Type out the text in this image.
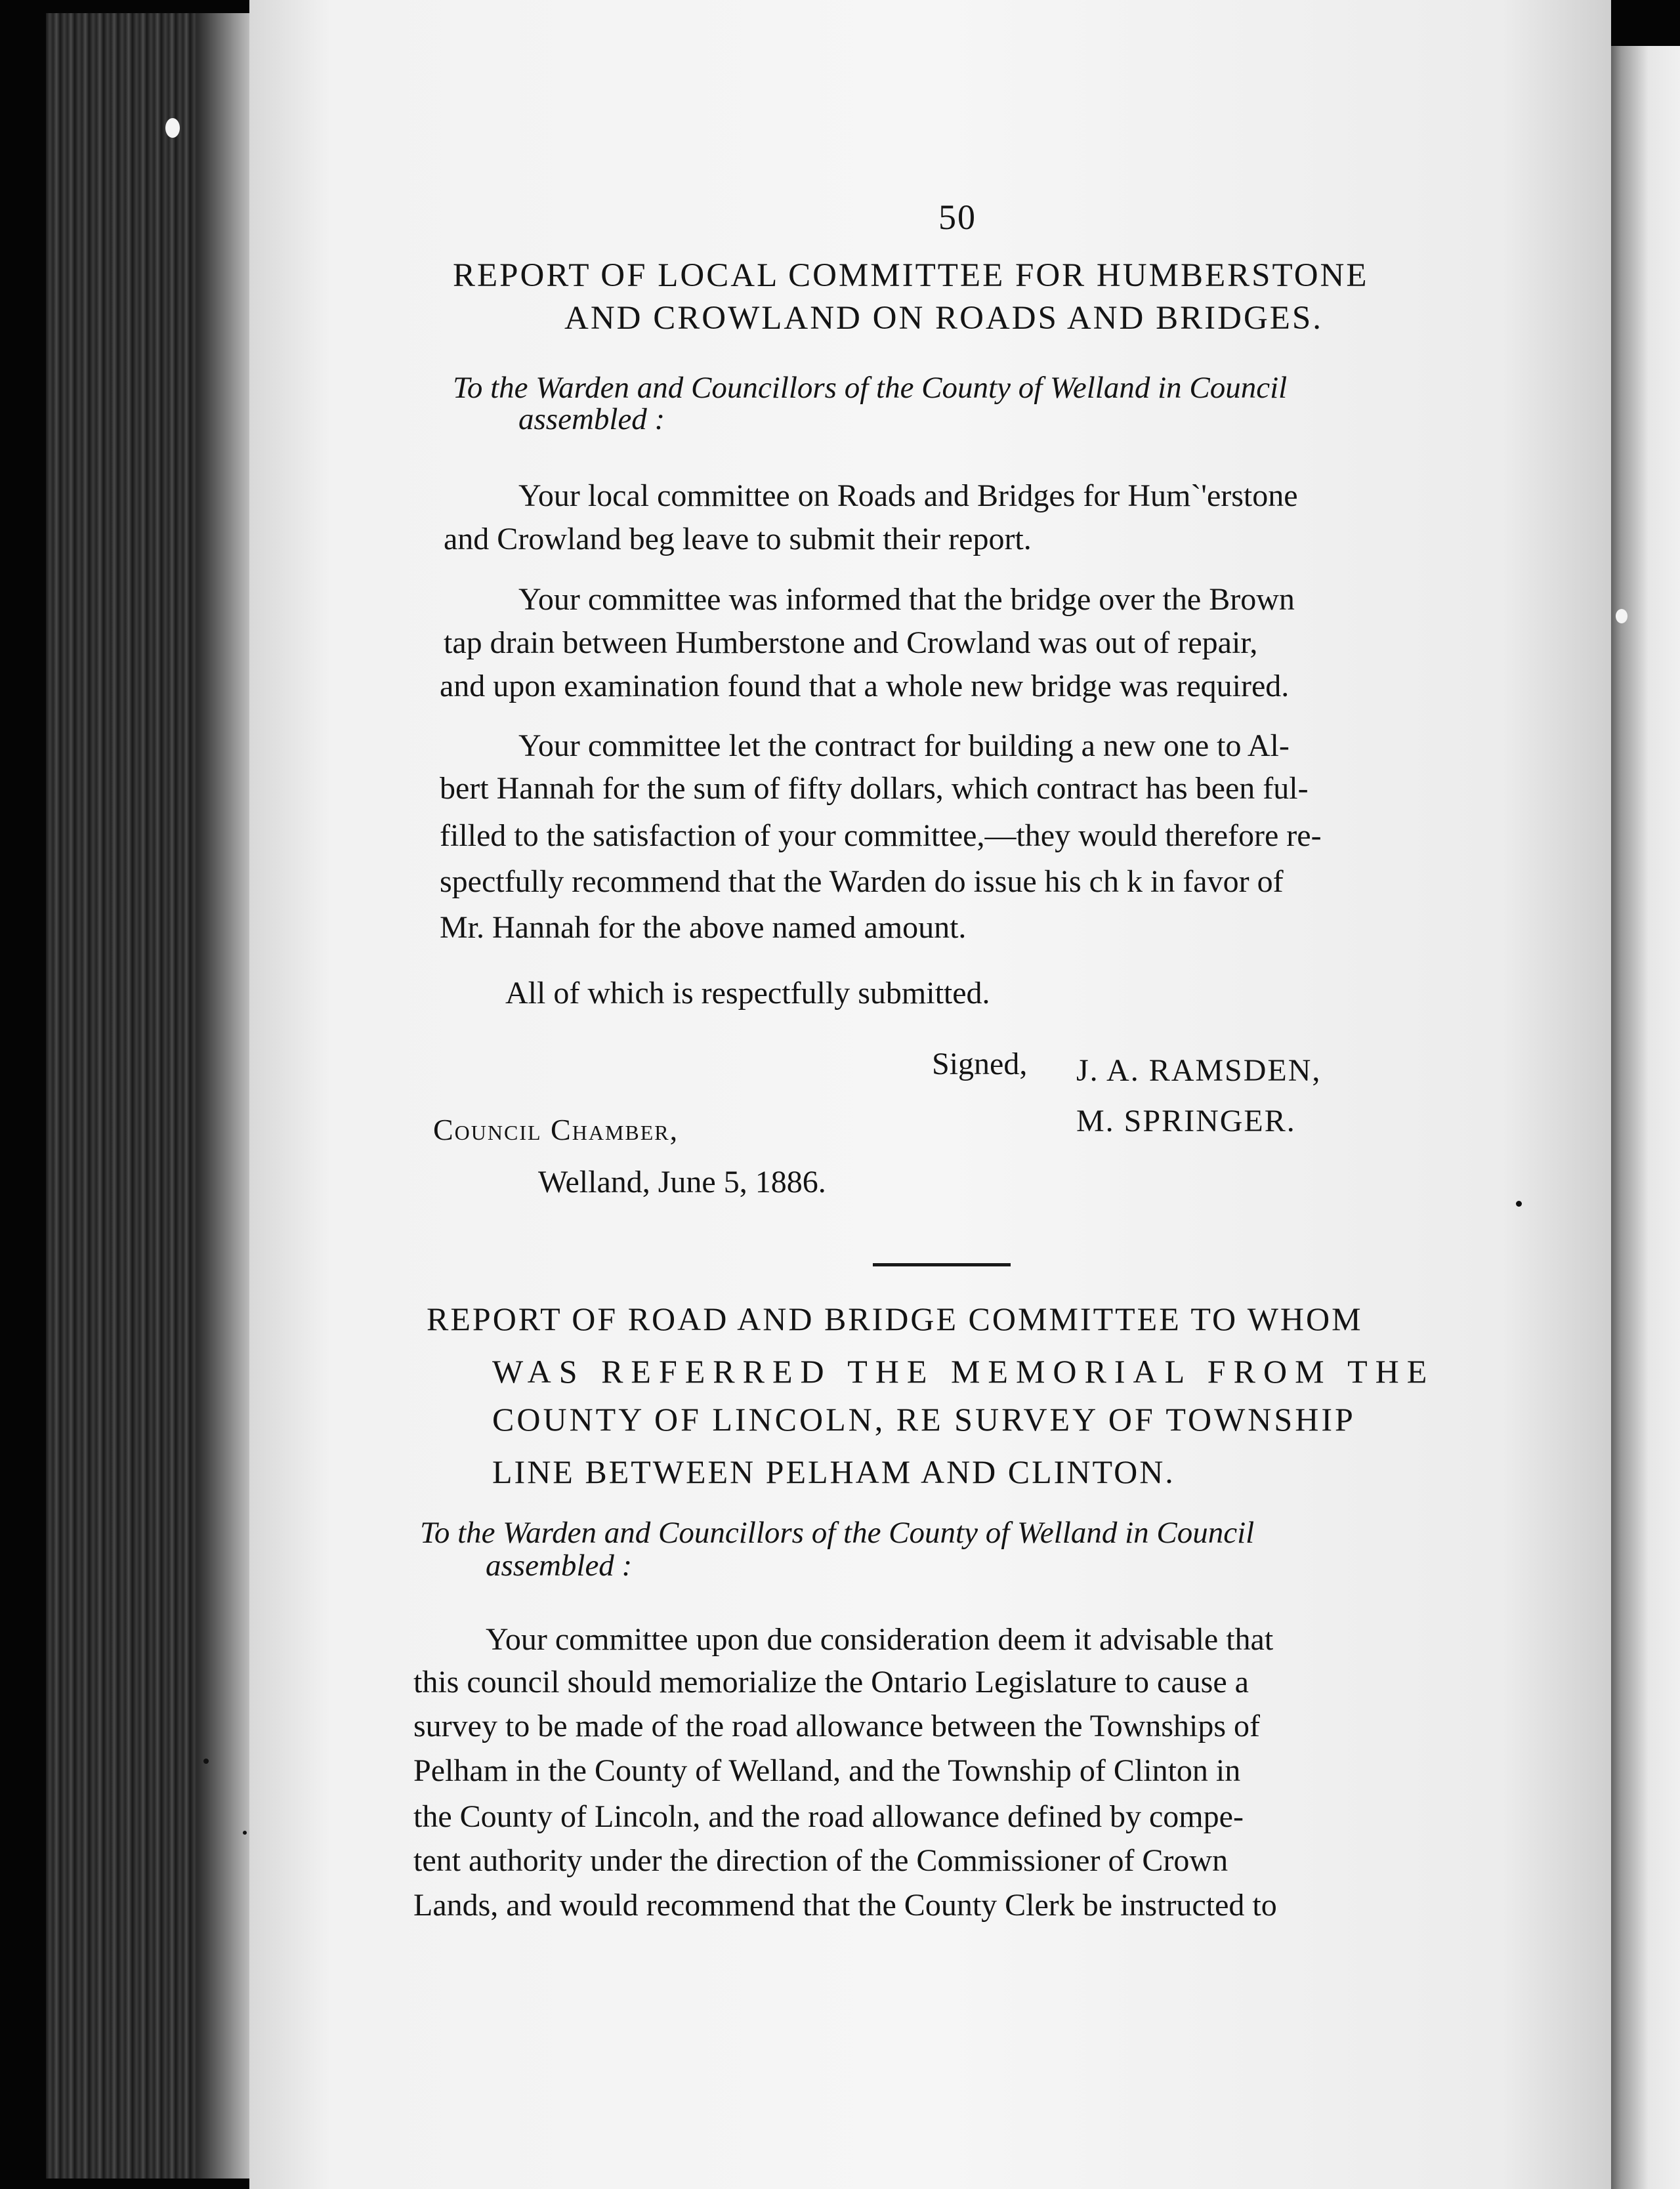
50
REPORT OF LOCAL COMMITTEE FOR HUMBERSTONE
AND CROWLAND ON ROADS AND BRIDGES.
To the Warden and Councillors of the County of Welland in Council
assembled :
Your local committee on Roads and Bridges for Hum`'erstone
and Crowland beg leave to submit their report.
Your committee was informed that the bridge over the Brown
tap drain between Humberstone and Crowland was out of repair,
and upon examination found that a whole new bridge was required.
Your committee let the contract for building a new one to Al-
bert Hannah for the sum of fifty dollars, which contract has been ful-
filled to the satisfaction of your committee,—they would therefore re-
spectfully recommend that the Warden do issue his ch k in favor of
Mr. Hannah for the above named amount.
All of which is respectfully submitted.
Signed, J. A. RAMSDEN,
M. SPRINGER.
Council Chamber,
Welland, June 5, 1886.
REPORT OF ROAD AND BRIDGE COMMITTEE TO WHOM
WAS REFERRED THE MEMORIAL FROM THE
COUNTY OF LINCOLN, RE SURVEY OF TOWNSHIP
LINE BETWEEN PELHAM AND CLINTON.
To the Warden and Councillors of the County of Welland in Council
assembled :
Your committee upon due consideration deem it advisable that
this council should memorialize the Ontario Legislature to cause a
survey to be made of the road allowance between the Townships of
Pelham in the County of Welland, and the Township of Clinton in
the County of Lincoln, and the road allowance defined by compe-
tent authority under the direction of the Commissioner of Crown
Lands, and would recommend that the County Clerk be instructed to
